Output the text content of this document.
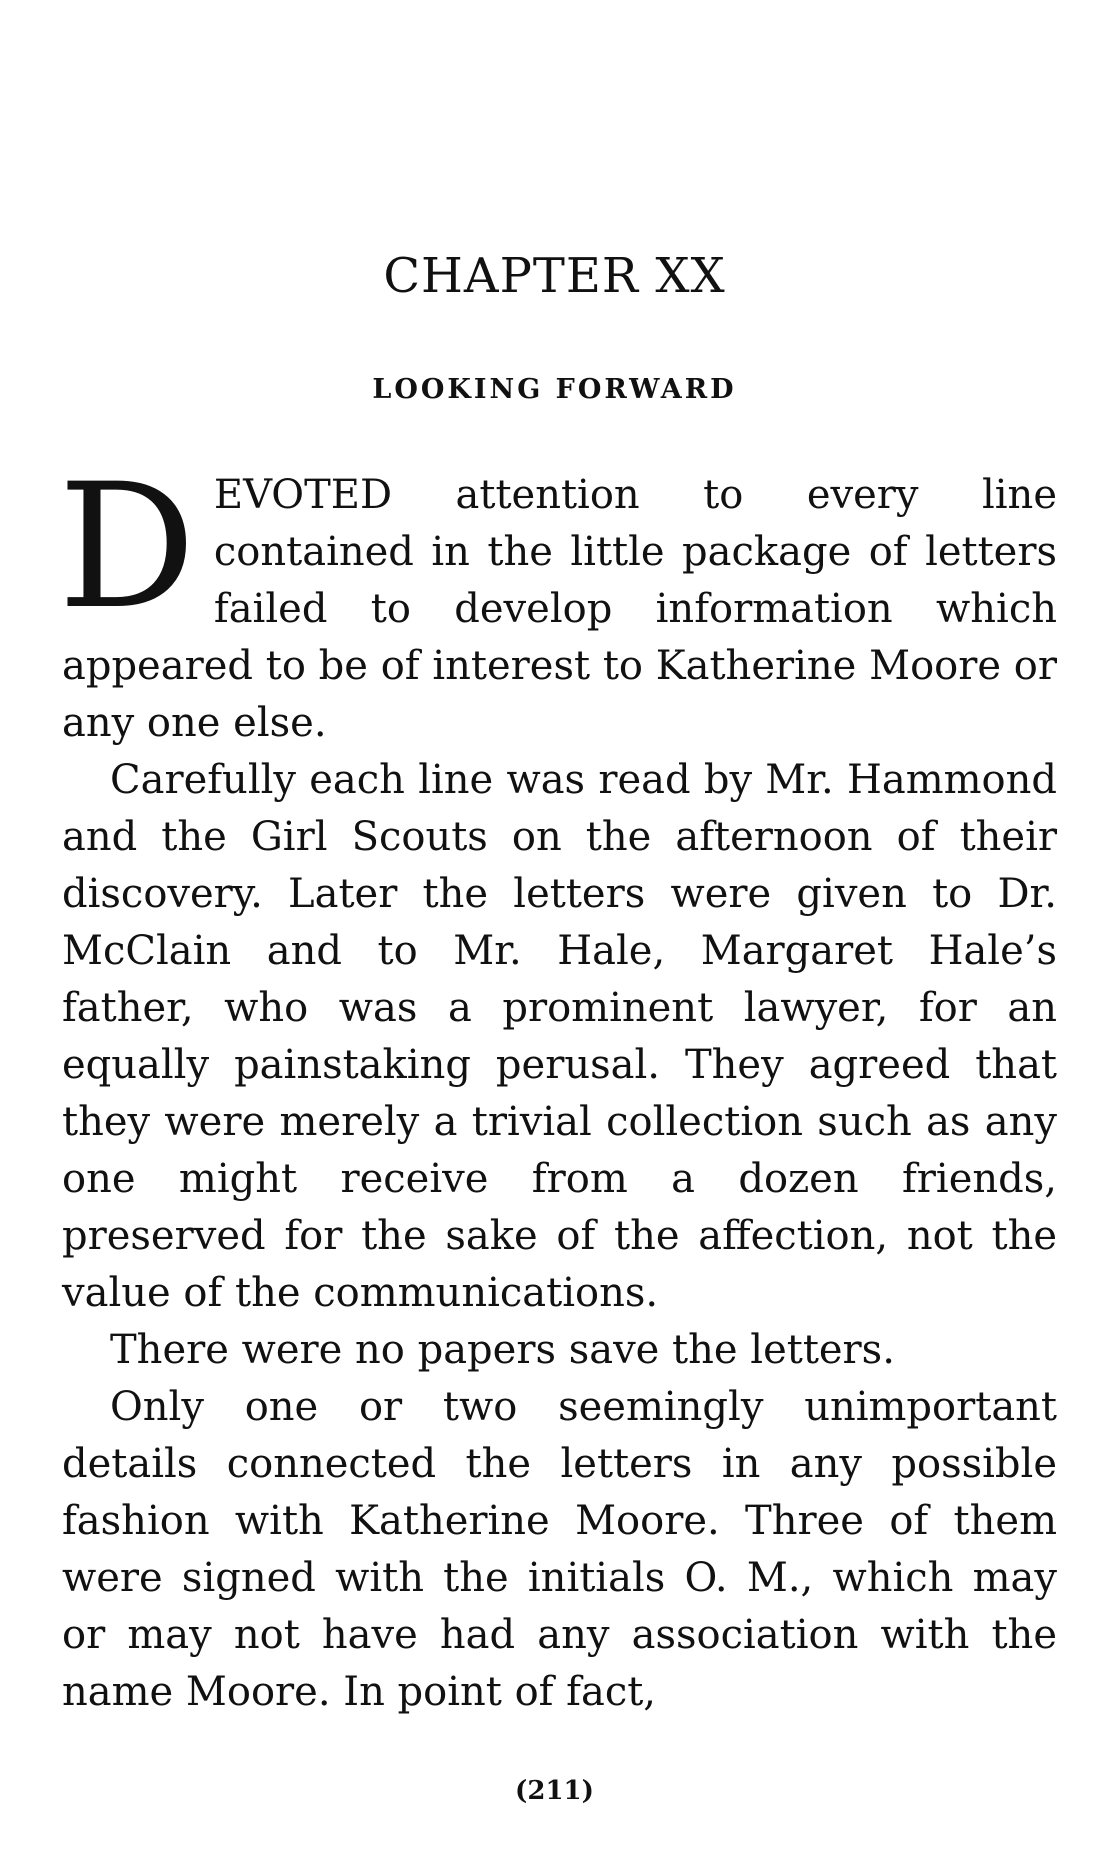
CHAPTER XX
LOOKING FORWARD

DEVOTED attention to every line contained in the little package of letters failed to develop information which appeared to be of interest to Katherine Moore or any one else.

Carefully each line was read by Mr. Hammond and the Girl Scouts on the afternoon of their discovery. Later the letters were given to Dr. McClain and to Mr. Hale, Margaret Hale’s father, who was a prominent lawyer, for an equally painstaking perusal. They agreed that they were merely a trivial collection such as any one might receive from a dozen friends, preserved for the sake of the affection, not the value of the communications.

There were no papers save the letters.

Only one or two seemingly unimportant details connected the letters in any possible fashion with Katherine Moore. Three of them were signed with the initials O. M., which may or may not have had any association with the name Moore. In point of fact,

(211)
